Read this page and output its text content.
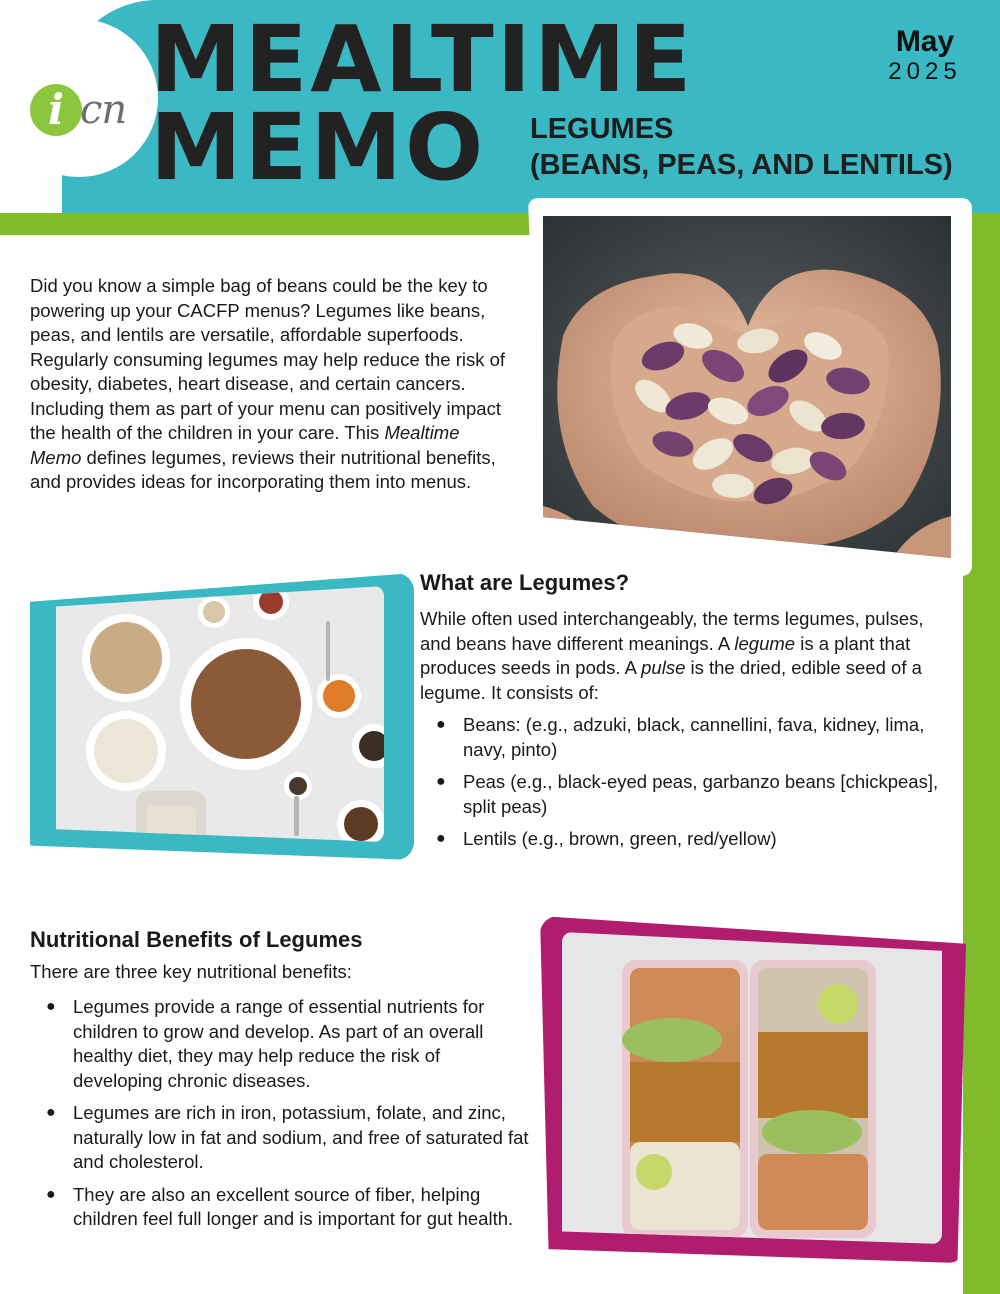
i cn MEALTIME
MEMO LEGUMES
(BEANS, PEAS, AND LENTILS)
May
2025

Did you know a simple bag of beans could be the key to powering up your CACFP menus? Legumes like beans, peas, and lentils are versatile, affordable superfoods. Regularly consuming legumes may help reduce the risk of obesity, diabetes, heart disease, and certain cancers. Including them as part of your menu can positively impact the health of the children in your care. This Mealtime Memo defines legumes, reviews their nutritional benefits, and provides ideas for incorporating them into menus.

What are Legumes?

While often used interchangeably, the terms legumes, pulses, and beans have different meanings. A legume is a plant that produces seeds in pods. A pulse is the dried, edible seed of a legume. It consists of:

● Beans: (e.g., adzuki, black, cannellini, fava, kidney, lima, navy, pinto)
● Peas (e.g., black-eyed peas, garbanzo beans [chickpeas], split peas)
● Lentils (e.g., brown, green, red/yellow)
Nutritional Benefits of Legumes

There are three key nutritional benefits:

● Legumes provide a range of essential nutrients for children to grow and develop. As part of an overall healthy diet, they may help reduce the risk of developing chronic diseases.
● Legumes are rich in iron, potassium, folate, and zinc, naturally low in fat and sodium, and free of saturated fat and cholesterol.
● They are also an excellent source of fiber, helping children feel full longer and is important for gut health.
